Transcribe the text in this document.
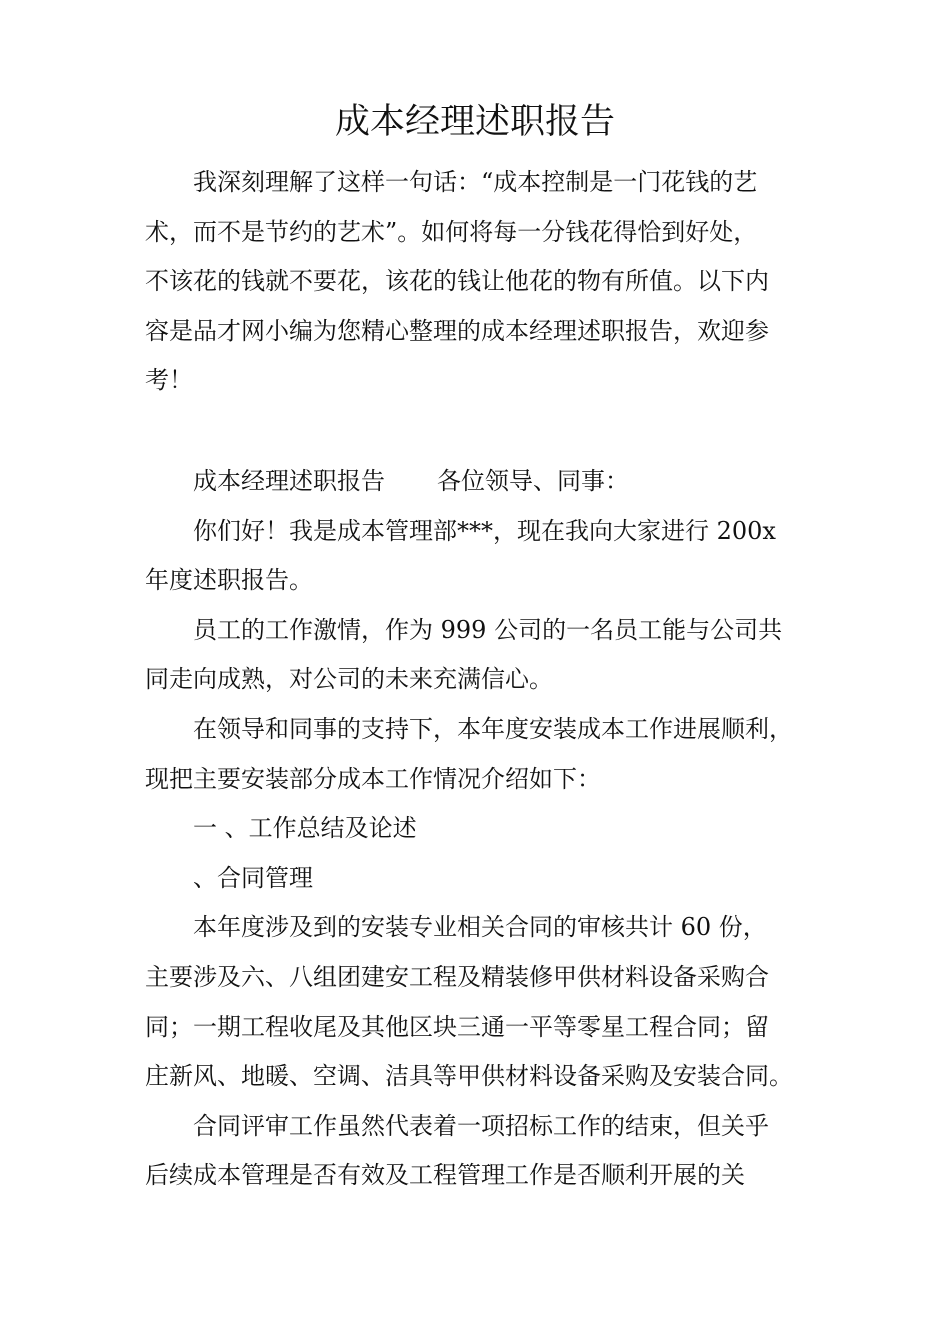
成本经理述职报告

我深刻理解了这样一句话：“成本控制是一门花钱的艺

术，而不是节约的艺术”。如何将每一分钱花得恰到好处，

不该花的钱就不要花，该花的钱让他花的物有所值。以下内

容是品才网小编为您精心整理的成本经理述职报告，欢迎参

考！

成本经理述职报告 各位领导、同事：

你们好！我是成本管理部***，现在我向大家进行 200x

年度述职报告。

员工的工作激情，作为 999 公司的一名员工能与公司共

同走向成熟，对公司的未来充满信心。

在领导和同事的支持下，本年度安装成本工作进展顺利，

现把主要安装部分成本工作情况介绍如下：

一 、工作总结及论述

、合同管理

本年度涉及到的安装专业相关合同的审核共计 60 份，

主要涉及六、八组团建安工程及精装修甲供材料设备采购合

同；一期工程收尾及其他区块三通一平等零星工程合同；留

庄新风、地暖、空调、洁具等甲供材料设备采购及安装合同。

合同评审工作虽然代表着一项招标工作的结束，但关乎

后续成本管理是否有效及工程管理工作是否顺利开展的关
